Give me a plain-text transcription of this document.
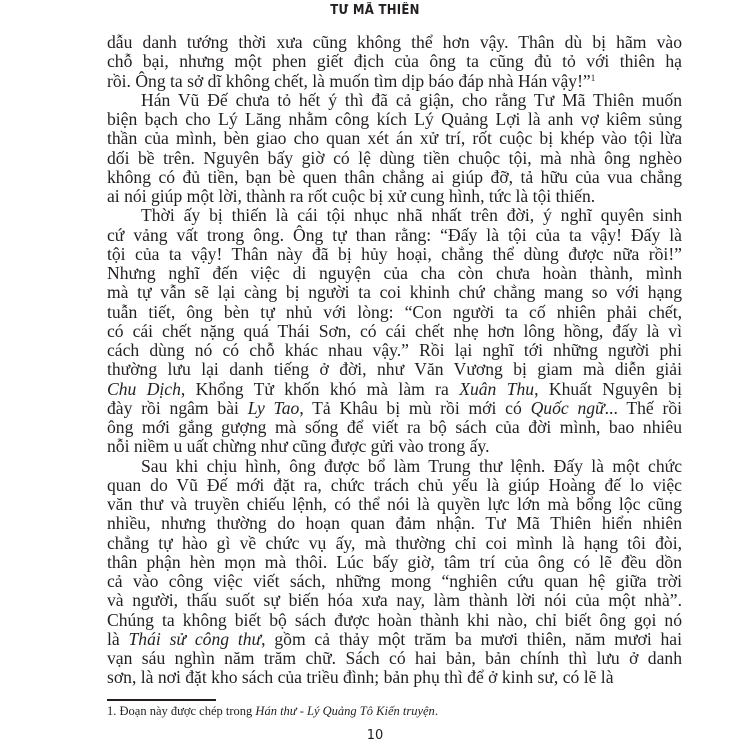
TƯ MÃ THIÊN
dẫu danh tướng thời xưa cũng không thể hơn vậy. Thân dù bị hãm vào
chỗ bại, nhưng một phen giết địch của ông ta cũng đủ tỏ với thiên hạ
rồi. Ông ta sở dĩ không chết, là muốn tìm dịp báo đáp nhà Hán vậy!”$^1$
Hán Vũ Đế chưa tỏ hết ý thì đã cả giận, cho rằng Tư Mã Thiên muốn
biện bạch cho Lý Lăng nhằm công kích Lý Quảng Lợi là anh vợ kiêm sủng
thần của mình, bèn giao cho quan xét án xử trí, rốt cuộc bị khép vào tội lừa
dối bề trên. Nguyên bấy giờ có lệ dùng tiền chuộc tội, mà nhà ông nghèo
không có đủ tiền, bạn bè quen thân chẳng ai giúp đỡ, tả hữu của vua chẳng
ai nói giúp một lời, thành ra rốt cuộc bị xử cung hình, tức là tội thiến.
Thời ấy bị thiến là cái tội nhục nhã nhất trên đời, ý nghĩ quyên sinh
cứ vảng vất trong ông. Ông tự than rằng: “Đấy là tội của ta vậy! Đấy là
tội của ta vậy! Thân này đã bị hủy hoại, chẳng thể dùng được nữa rồi!”
Nhưng nghĩ đến việc di nguyện của cha còn chưa hoàn thành, mình
mà tự vẫn sẽ lại càng bị người ta coi khinh chứ chẳng mang so với hạng
tuẫn tiết, ông bèn tự nhủ với lòng: “Con người ta cố nhiên phải chết,
có cái chết nặng quá Thái Sơn, có cái chết nhẹ hơn lông hồng, đấy là vì
cách dùng nó có chỗ khác nhau vậy.” Rồi lại nghĩ tới những người phi
thường lưu lại danh tiếng ở đời, như Văn Vương bị giam mà diễn giải
Chu Dịch, Khổng Tử khốn khó mà làm ra Xuân Thu, Khuất Nguyên bị
đày rồi ngâm bài Ly Tao, Tả Khâu bị mù rồi mới có Quốc ngữ... Thế rồi
ông mới gắng gượng mà sống để viết ra bộ sách của đời mình, bao nhiêu
nỗi niềm u uất chừng như cũng được gửi vào trong ấy.
Sau khi chịu hình, ông được bổ làm Trung thư lệnh. Đấy là một chức
quan do Vũ Đế mới đặt ra, chức trách chủ yếu là giúp Hoàng đế lo việc
văn thư và truyền chiếu lệnh, có thể nói là quyền lực lớn mà bổng lộc cũng
nhiều, nhưng thường do hoạn quan đảm nhận. Tư Mã Thiên hiển nhiên
chẳng tự hào gì về chức vụ ấy, mà thường chỉ coi mình là hạng tôi đòi,
thân phận hèn mọn mà thôi. Lúc bấy giờ, tâm trí của ông có lẽ đều dồn
cả vào công việc viết sách, những mong “nghiên cứu quan hệ giữa trời
và người, thấu suốt sự biến hóa xưa nay, làm thành lời nói của một nhà”.
Chúng ta không biết bộ sách được hoàn thành khi nào, chỉ biết ông gọi nó
là Thái sử công thư, gồm cả thảy một trăm ba mươi thiên, năm mươi hai
vạn sáu nghìn năm trăm chữ. Sách có hai bản, bản chính thì lưu ở danh
sơn, là nơi đặt kho sách của triều đình; bản phụ thì để ở kinh sư, có lẽ là
1. Đoạn này được chép trong Hán thư - Lý Quảng Tô Kiến truyện.
10
